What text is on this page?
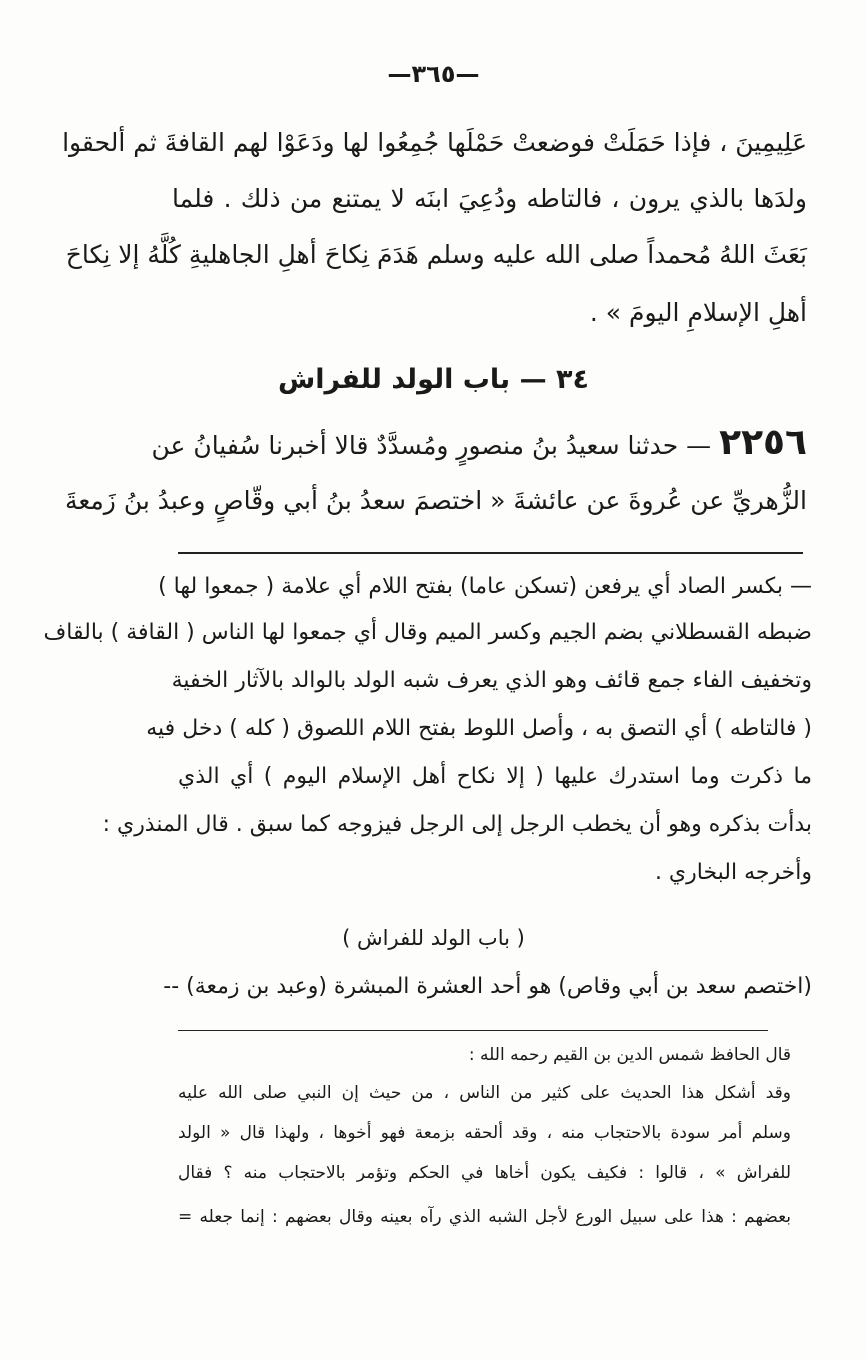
—٣٦٥—
عَلِيمِينَ ، فإذا حَمَلَتْ فوضعتْ حَمْلَها جُمِعُوا لها ودَعَوْا لهم القافةَ ثم ألحقوا
ولدَها بالذي يرون ، فالتاطه ودُعِيَ ابنَه لا يمتنع من ذلك . فلما
بَعَثَ اللهُ مُحمداً صلى الله عليه وسلم هَدَمَ نِكاحَ أهلِ الجاهليةِ كُلَّهُ إلا نِكاحَ
أهلِ الإسلامِ اليومَ » .
٣٤ — باب الولد للفراش
٢٢٥٦ — حدثنا سعيدُ بنُ منصورٍ ومُسدَّدٌ قالا أخبرنا سُفيانُ عن
الزُّهريِّ عن عُروةَ عن عائشةَ « اختصمَ سعدُ بنُ أبي وقّاصٍ وعبدُ بنُ زَمعةَ
— بكسر الصاد أي يرفعن (تسكن عاما) بفتح اللام أي علامة ( جمعوا لها )
ضبطه القسطلاني بضم الجيم وكسر الميم وقال أي جمعوا لها الناس ( القافة ) بالقاف
وتخفيف الفاء جمع قائف وهو الذي يعرف شبه الولد بالوالد بالآثار الخفية
( فالتاطه ) أي التصق به ، وأصل اللوط بفتح اللام اللصوق ( كله ) دخل فيه
ما ذكرت وما استدرك عليها ( إلا نكاح أهل الإسلام اليوم ) أي الذي
بدأت بذكره وهو أن يخطب الرجل إلى الرجل فيزوجه كما سبق . قال المنذري :
وأخرجه البخاري .
( باب الولد للفراش )
(اختصم سعد بن أبي وقاص) هو أحد العشرة المبشرة (وعبد بن زمعة) --
قال الحافظ شمس الدين بن القيم رحمه الله :
وقد أشكل هذا الحديث على كثير من الناس ، من حيث إن النبي صلى الله عليه
وسلم أمر سودة بالاحتجاب منه ، وقد ألحقه بزمعة فهو أخوها ، ولهذا قال « الولد
للفراش » ، قالوا : فكيف يكون أخاها في الحكم وتؤمر بالاحتجاب منه ؟ فقال
بعضهم : هذا على سبيل الورع لأجل الشبه الذي رآه بعينه وقال بعضهم : إنما جعله =
